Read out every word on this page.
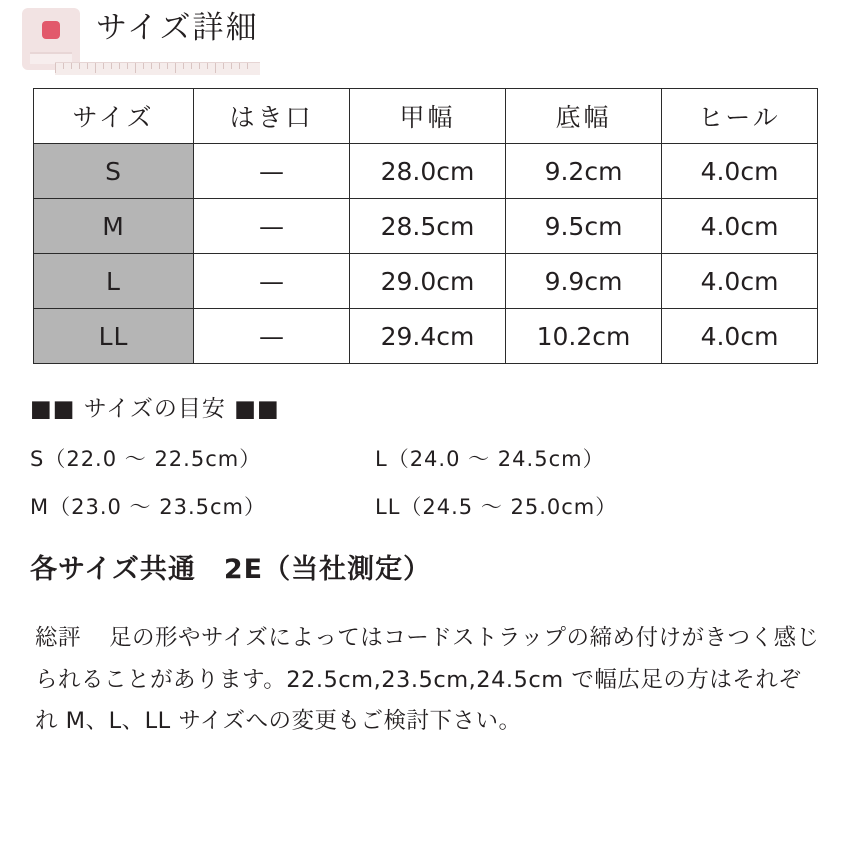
サイズ詳細
サイズ	はき口	甲幅	底幅	ヒール
S	—	28.0cm	9.2cm	4.0cm
M	—	28.5cm	9.5cm	4.0cm
L	—	29.0cm	9.9cm	4.0cm
LL	—	29.4cm	10.2cm	4.0cm
■■ サイズの目安 ■■
S（22.0 〜 22.5cm）	L（24.0 〜 24.5cm）
M（23.0 〜 23.5cm）	LL（24.5 〜 25.0cm）
各サイズ共通　2E（当社測定）
総評 足の形やサイズによってはコードストラップの締め付けがきつく感じられることがあります。22.5cm,23.5cm,24.5cm で幅広足の方はそれぞれ M、L、LL サイズへの変更もご検討下さい。
